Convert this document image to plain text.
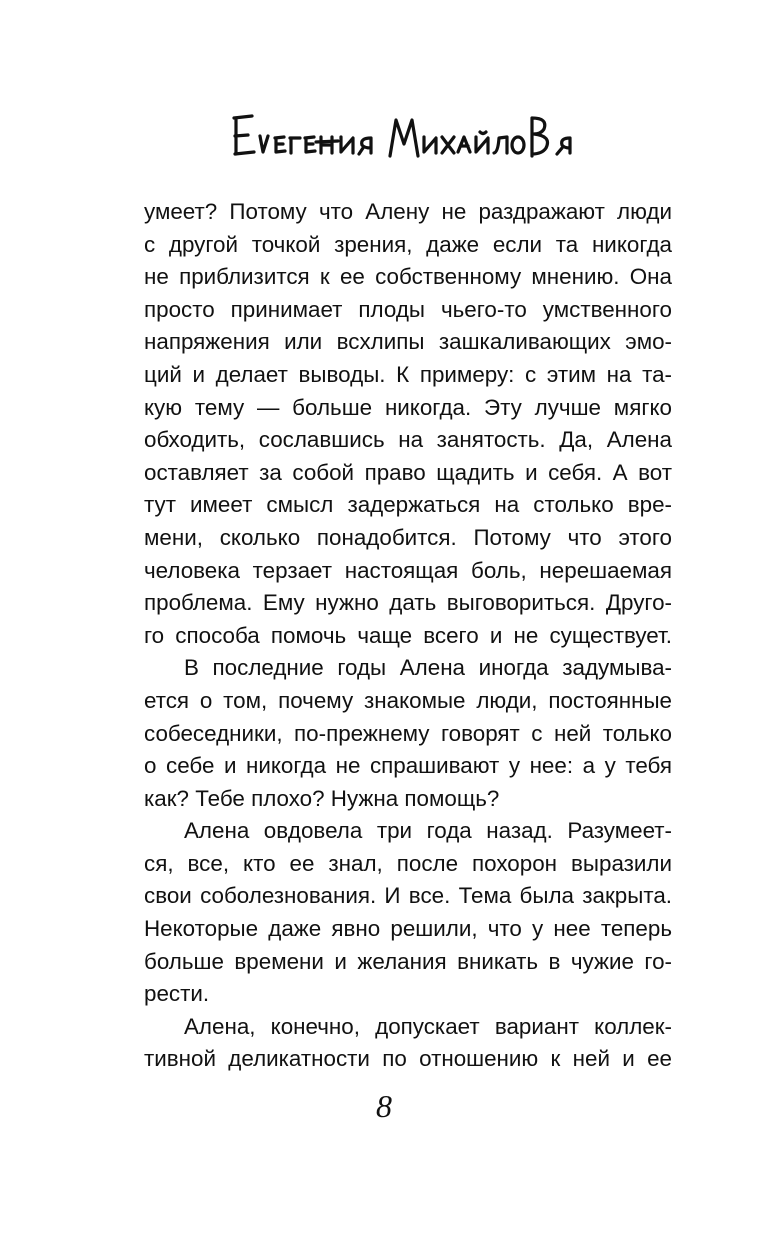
умеет? Потому что Алену не раздражают люди
с другой точкой зрения, даже если та никогда
не приблизится к ее собственному мнению. Она
просто принимает плоды чьего-то умственного
напряжения или всхлипы зашкаливающих эмо-
ций и делает выводы. К примеру: с этим на та-
кую тему — больше никогда. Эту лучше мягко
обходить, сославшись на занятость. Да, Алена
оставляет за собой право щадить и себя. А вот
тут имеет смысл задержаться на столько вре-
мени, сколько понадобится. Потому что этого
человека терзает настоящая боль, нерешаемая
проблема. Ему нужно дать выговориться. Друго-
го способа помочь чаще всего и не существует.
В последние годы Алена иногда задумыва-
ется о том, почему знакомые люди, постоянные
собеседники, по-прежнему говорят с ней только
о себе и никогда не спрашивают у нее: а у тебя
как? Тебе плохо? Нужна помощь?
Алена овдовела три года назад. Разумеет-
ся, все, кто ее знал, после похорон выразили
свои соболезнования. И все. Тема была закрыта.
Некоторые даже явно решили, что у нее теперь
больше времени и желания вникать в чужие го-
рести.
Алена, конечно, допускает вариант коллек-
тивной деликатности по отношению к ней и ее
8
